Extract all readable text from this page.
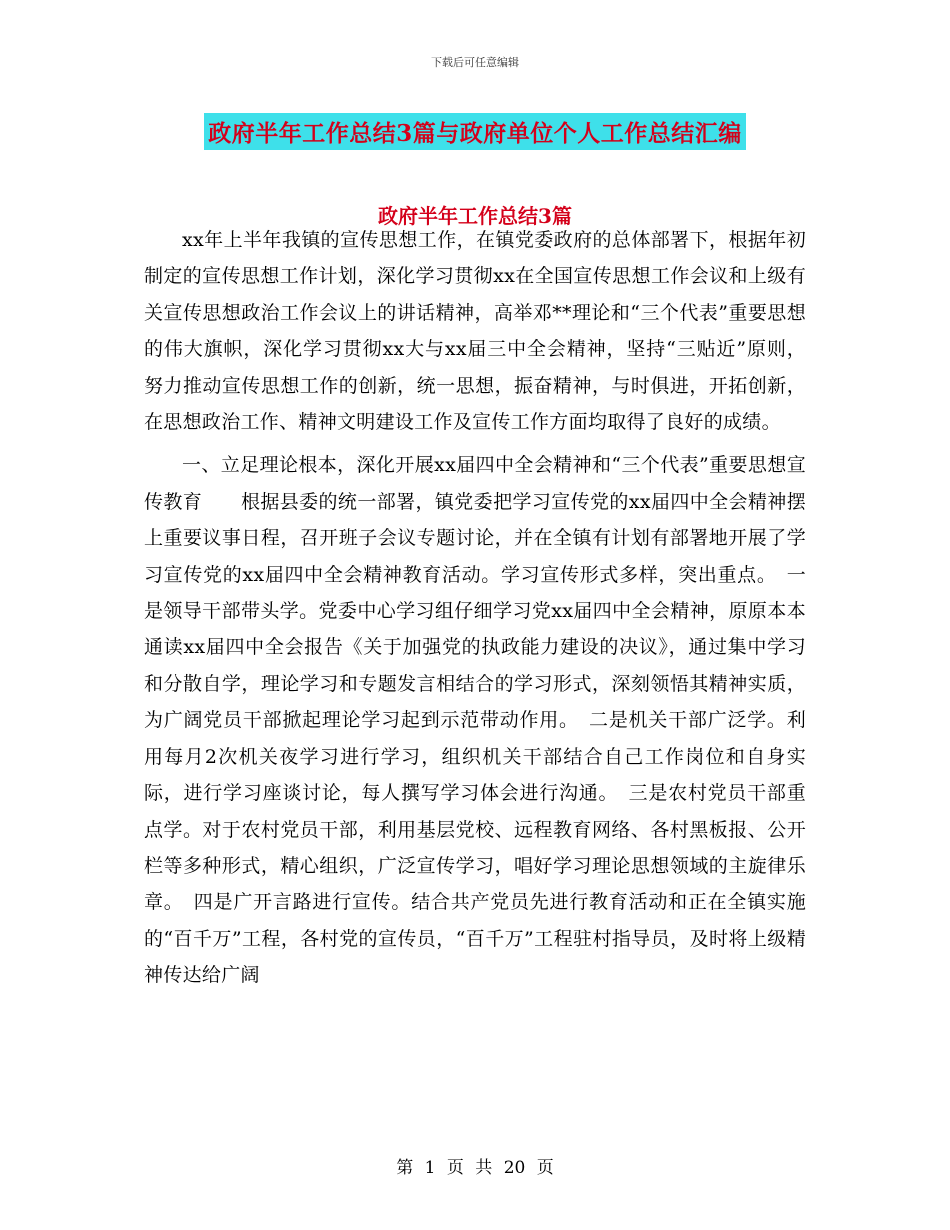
下载后可任意编辑
政府半年工作总结3篇与政府单位个人工作总结汇编
政府半年工作总结3篇

xx年上半年我镇的宣传思想工作，在镇党委政府的总体部署下，根据年初制定的宣传思想工作计划，深化学习贯彻xx在全国宣传思想工作会议和上级有关宣传思想政治工作会议上的讲话精神，高举邓**理论和“三个代表”重要思想的伟大旗帜，深化学习贯彻xx大与xx届三中全会精神，坚持“三贴近”原则，努力推动宣传思想工作的创新，统一思想，振奋精神，与时俱进，开拓创新，在思想政治工作、精神文明建设工作及宣传工作方面均取得了良好的成绩。

一、立足理论根本，深化开展xx届四中全会精神和“三个代表”重要思想宣传教育　　根据县委的统一部署，镇党委把学习宣传党的xx届四中全会精神摆上重要议事日程，召开班子会议专题讨论，并在全镇有计划有部署地开展了学习宣传党的xx届四中全会精神教育活动。学习宣传形式多样，突出重点。　一是领导干部带头学。党委中心学习组仔细学习党xx届四中全会精神，原原本本通读xx届四中全会报告《关于加强党的执政能力建设的决议》，通过集中学习和分散自学，理论学习和专题发言相结合的学习形式，深刻领悟其精神实质，为广阔党员干部掀起理论学习起到示范带动作用。　二是机关干部广泛学。利用每月2次机关夜学习进行学习，组织机关干部结合自己工作岗位和自身实际，进行学习座谈讨论，每人撰写学习体会进行沟通。　三是农村党员干部重点学。对于农村党员干部，利用基层党校、远程教育网络、各村黑板报、公开栏等多种形式，精心组织，广泛宣传学习，唱好学习理论思想领域的主旋律乐章。　四是广开言路进行宣传。结合共产党员先进行教育活动和正在全镇实施的“百千万”工程，各村党的宣传员，“百千万”工程驻村指导员，及时将上级精神传达给广阔

第 1 页 共 20 页
